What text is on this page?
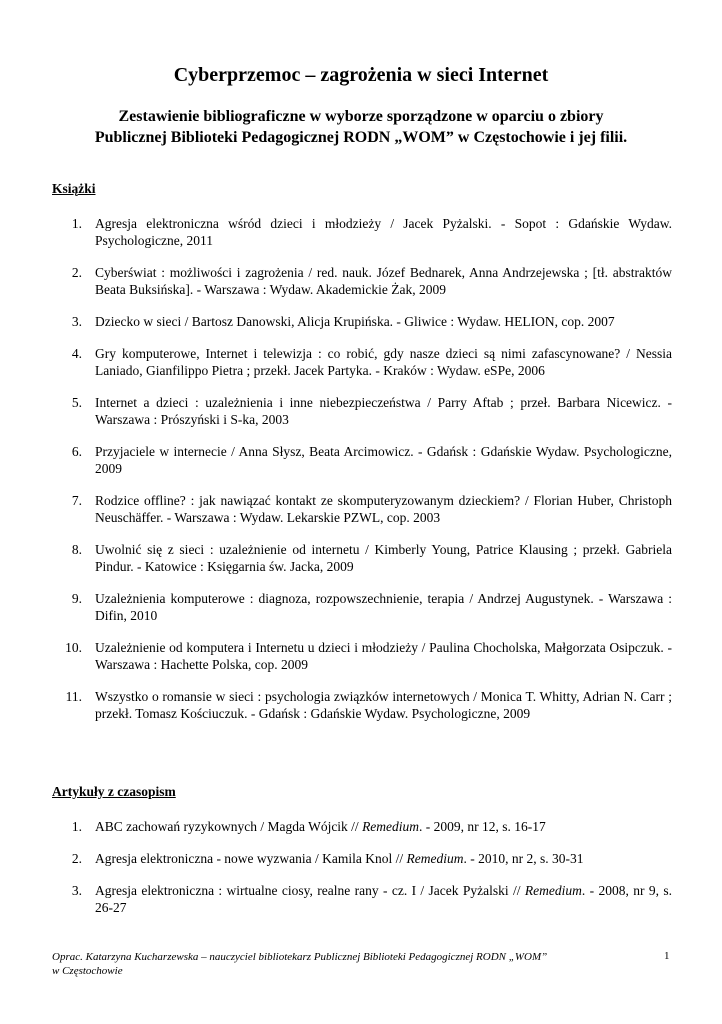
Cyberprzemoc – zagrożenia w sieci Internet
Zestawienie bibliograficzne w wyborze sporządzone w oparciu o zbiory
Publicznej Biblioteki Pedagogicznej RODN „WOM” w Częstochowie i jej filii.
Książki
1. Agresja elektroniczna wśród dzieci i młodzieży / Jacek Pyżalski. - Sopot : Gdańskie Wydaw. Psychologiczne, 2011
2. Cyberświat : możliwości i zagrożenia / red. nauk. Józef Bednarek, Anna Andrzejewska ; [tł. abstraktów Beata Buksińska]. - Warszawa : Wydaw. Akademickie Żak, 2009
3. Dziecko w sieci / Bartosz Danowski, Alicja Krupińska. - Gliwice : Wydaw. HELION, cop. 2007
4. Gry komputerowe, Internet i telewizja : co robić, gdy nasze dzieci są nimi zafascynowane? / Nessia Laniado, Gianfilippo Pietra ; przekł. Jacek Partyka. - Kraków : Wydaw. eSPe, 2006
5. Internet a dzieci : uzależnienia i inne niebezpieczeństwa / Parry Aftab ; przeł. Barbara Nicewicz. - Warszawa : Prószyński i S-ka, 2003
6. Przyjaciele w internecie / Anna Słysz, Beata Arcimowicz. - Gdańsk : Gdańskie Wydaw. Psychologiczne, 2009
7. Rodzice offline? : jak nawiązać kontakt ze skomputeryzowanym dzieckiem? / Florian Huber, Christoph Neuschäffer. - Warszawa : Wydaw. Lekarskie PZWL, cop. 2003
8. Uwolnić się z sieci : uzależnienie od internetu / Kimberly Young, Patrice Klausing ; przekł. Gabriela Pindur. - Katowice : Księgarnia św. Jacka, 2009
9. Uzależnienia komputerowe : diagnoza, rozpowszechnienie, terapia / Andrzej Augustynek. - Warszawa : Difin, 2010
10. Uzależnienie od komputera i Internetu u dzieci i młodzieży / Paulina Chocholska, Małgorzata Osipczuk. - Warszawa : Hachette Polska, cop. 2009
11. Wszystko o romansie w sieci : psychologia związków internetowych / Monica T. Whitty, Adrian N. Carr ; przekł. Tomasz Kościuczuk. - Gdańsk : Gdańskie Wydaw. Psychologiczne, 2009
Artykuły z czasopism
1. ABC zachowań ryzykownych / Magda Wójcik // Remedium. - 2009, nr 12, s. 16-17
2. Agresja elektroniczna - nowe wyzwania / Kamila Knol // Remedium. - 2010, nr 2, s. 30-31
3. Agresja elektroniczna : wirtualne ciosy, realne rany - cz. I / Jacek Pyżalski // Remedium. - 2008, nr 9, s. 26-27
Oprac. Katarzyna Kucharzewska – nauczyciel bibliotekarz Publicznej Biblioteki Pedagogicznej RODN „WOM”
w Częstochowie
1
